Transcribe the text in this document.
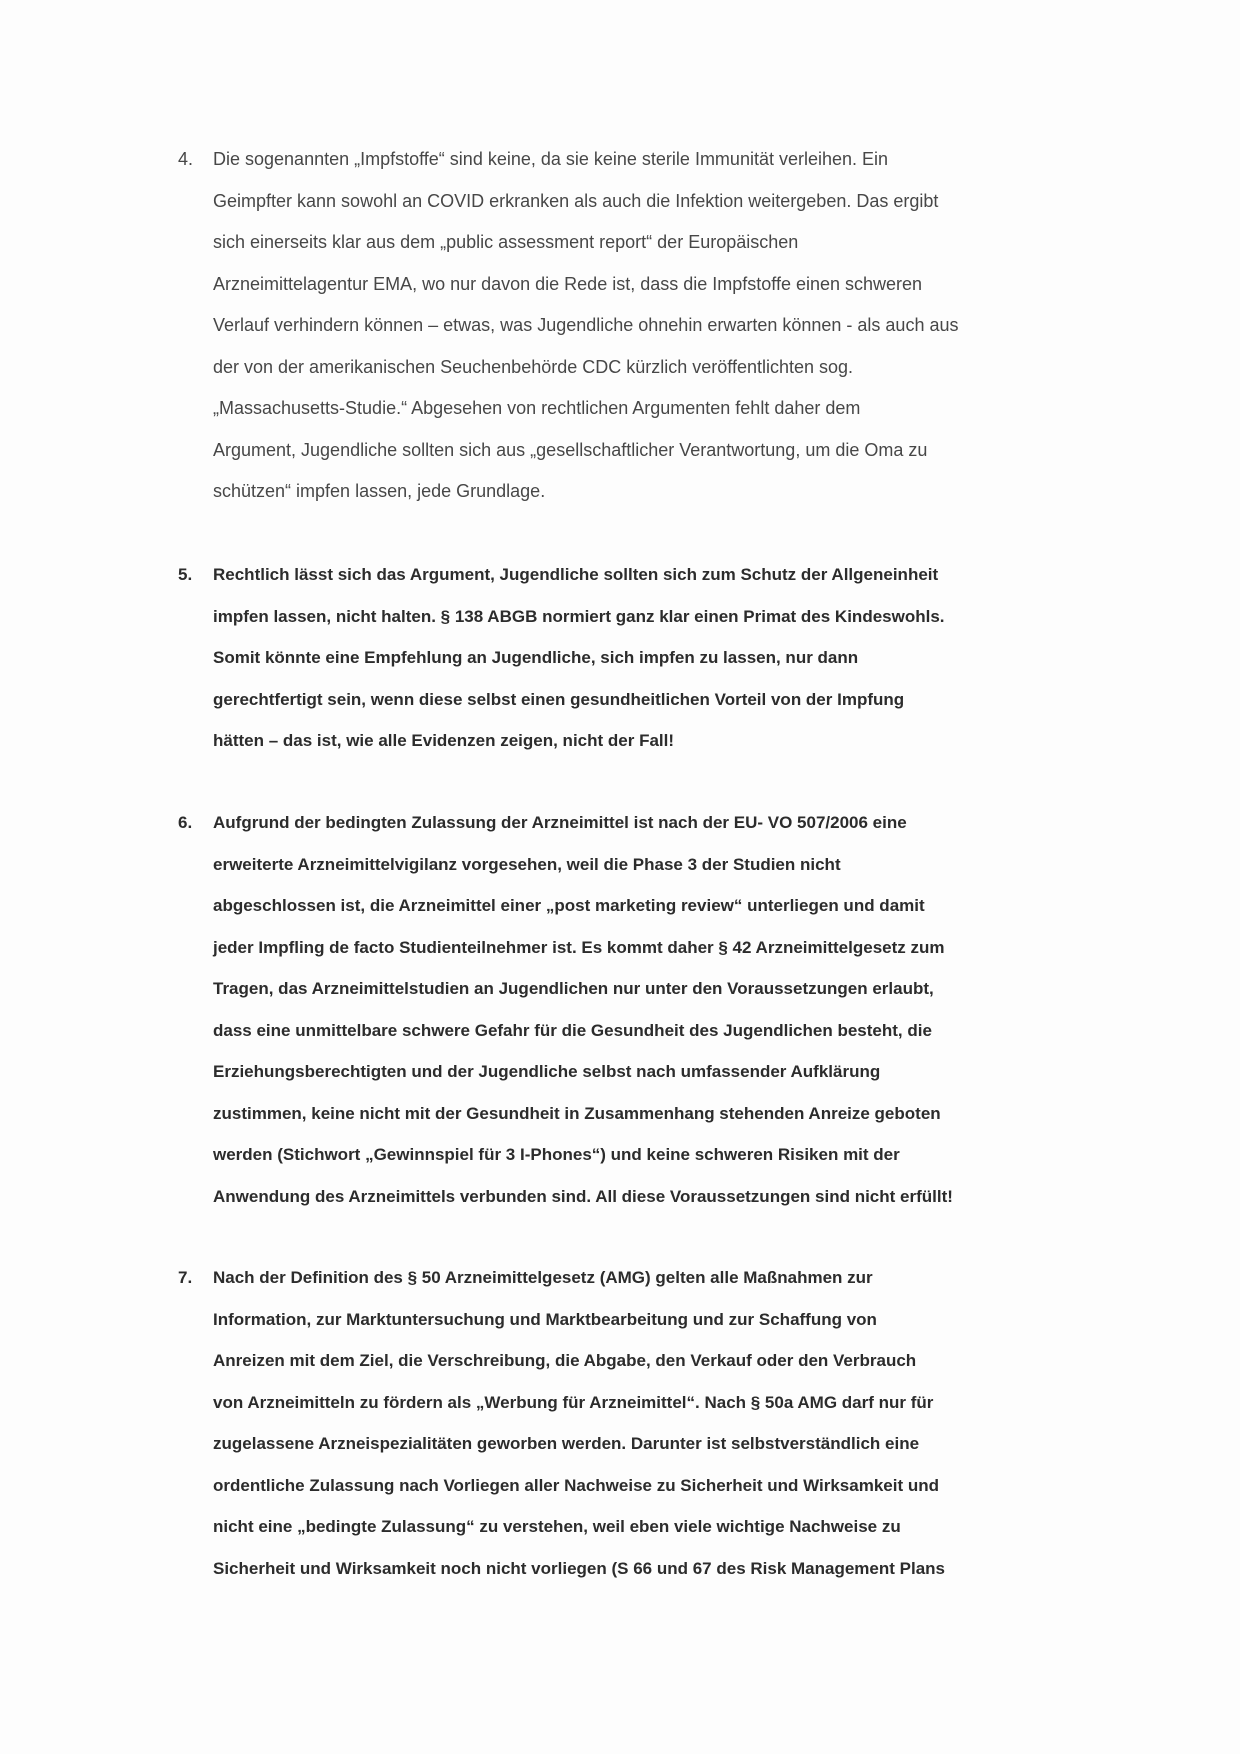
4. Die sogenannten „Impfstoffe“ sind keine, da sie keine sterile Immunität verleihen. Ein
Geimpfter kann sowohl an COVID erkranken als auch die Infektion weitergeben. Das ergibt
sich einerseits klar aus dem „public assessment report“ der Europäischen
Arzneimittelagentur EMA, wo nur davon die Rede ist, dass die Impfstoffe einen schweren
Verlauf verhindern können – etwas, was Jugendliche ohnehin erwarten können - als auch aus
der von der amerikanischen Seuchenbehörde CDC kürzlich veröffentlichten sog.
„Massachusetts-Studie.“ Abgesehen von rechtlichen Argumenten fehlt daher dem
Argument, Jugendliche sollten sich aus „gesellschaftlicher Verantwortung, um die Oma zu
schützen“ impfen lassen, jede Grundlage.
5. Rechtlich lässt sich das Argument, Jugendliche sollten sich zum Schutz der Allgeneinheit
impfen lassen, nicht halten. § 138 ABGB normiert ganz klar einen Primat des Kindeswohls.
Somit könnte eine Empfehlung an Jugendliche, sich impfen zu lassen, nur dann
gerechtfertigt sein, wenn diese selbst einen gesundheitlichen Vorteil von der Impfung
hätten – das ist, wie alle Evidenzen zeigen, nicht der Fall!
6. Aufgrund der bedingten Zulassung der Arzneimittel ist nach der EU- VO 507/2006 eine
erweiterte Arzneimittelvigilanz vorgesehen, weil die Phase 3 der Studien nicht
abgeschlossen ist, die Arzneimittel einer „post marketing review“ unterliegen und damit
jeder Impfling de facto Studienteilnehmer ist. Es kommt daher § 42 Arzneimittelgesetz zum
Tragen, das Arzneimittelstudien an Jugendlichen nur unter den Voraussetzungen erlaubt,
dass eine unmittelbare schwere Gefahr für die Gesundheit des Jugendlichen besteht, die
Erziehungsberechtigten und der Jugendliche selbst nach umfassender Aufklärung
zustimmen, keine nicht mit der Gesundheit in Zusammenhang stehenden Anreize geboten
werden (Stichwort „Gewinnspiel für 3 I-Phones“) und keine schweren Risiken mit der
Anwendung des Arzneimittels verbunden sind. All diese Voraussetzungen sind nicht erfüllt!
7. Nach der Definition des § 50 Arzneimittelgesetz (AMG) gelten alle Maßnahmen zur
Information, zur Marktuntersuchung und Marktbearbeitung und zur Schaffung von
Anreizen mit dem Ziel, die Verschreibung, die Abgabe, den Verkauf oder den Verbrauch
von Arzneimitteln zu fördern als „Werbung für Arzneimittel“. Nach § 50a AMG darf nur für
zugelassene Arzneispezialitäten geworben werden. Darunter ist selbstverständlich eine
ordentliche Zulassung nach Vorliegen aller Nachweise zu Sicherheit und Wirksamkeit und
nicht eine „bedingte Zulassung“ zu verstehen, weil eben viele wichtige Nachweise zu
Sicherheit und Wirksamkeit noch nicht vorliegen (S 66 und 67 des Risk Management Plans
